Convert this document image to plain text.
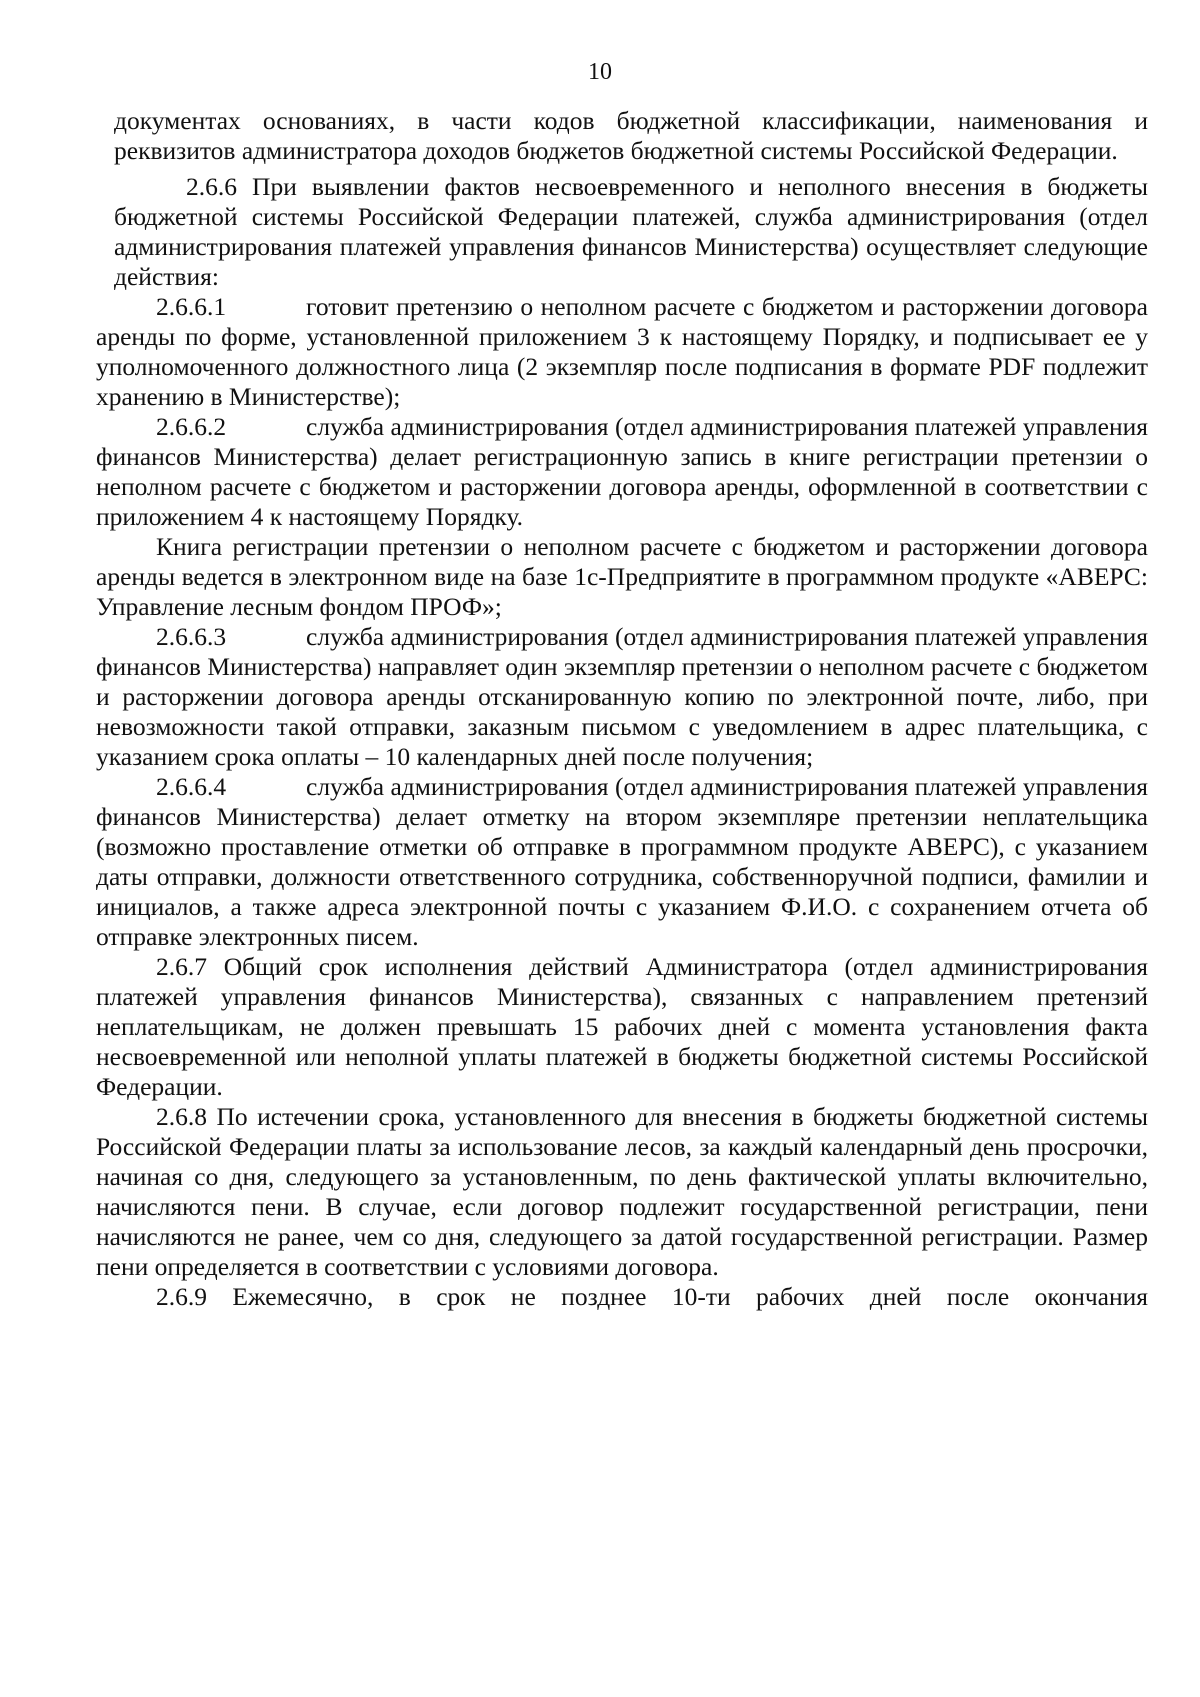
10

документах основаниях, в части кодов бюджетной классификации, наименования и реквизитов администратора доходов бюджетов бюджетной системы Российской Федерации.

2.6.6 При выявлении фактов несвоевременного и неполного внесения в бюджеты бюджетной системы Российской Федерации платежей, служба администрирования (отдел администрирования платежей управления финансов Министерства) осуществляет следующие действия:

2.6.6.1	готовит претензию о неполном расчете с бюджетом и расторжении договора аренды по форме, установленной приложением 3 к настоящему Порядку, и подписывает ее у уполномоченного должностного лица (2 экземпляр после подписания в формате PDF подлежит хранению в Министерстве);

2.6.6.2	служба администрирования (отдел администрирования платежей управления финансов Министерства) делает регистрационную запись в книге регистрации претензии о неполном расчете с бюджетом и расторжении договора аренды, оформленной в соответствии с приложением 4 к настоящему Порядку.

Книга регистрации претензии о неполном расчете с бюджетом и расторжении договора аренды ведется в электронном виде на базе 1с-Предприятите в программном продукте «АВЕРС: Управление лесным фондом ПРОФ»;

2.6.6.3	служба администрирования (отдел администрирования платежей управления финансов Министерства) направляет один экземпляр претензии о неполном расчете с бюджетом и расторжении договора аренды отсканированную копию по электронной почте, либо, при невозможности такой отправки, заказным письмом с уведомлением в адрес плательщика, с указанием срока оплаты – 10 календарных дней после получения;

2.6.6.4	служба администрирования (отдел администрирования платежей управления финансов Министерства) делает отметку на втором экземпляре претензии неплательщика (возможно проставление отметки об отправке в программном продукте АВЕРС), с указанием даты отправки, должности ответственного сотрудника, собственноручной подписи, фамилии и инициалов, а также адреса электронной почты с указанием Ф.И.О. с сохранением отчета об отправке электронных писем.

2.6.7 Общий срок исполнения действий Администратора (отдел администрирования платежей управления финансов Министерства), связанных с направлением претензий неплательщикам, не должен превышать 15 рабочих дней с момента установления факта несвоевременной или неполной уплаты платежей в бюджеты бюджетной системы Российской Федерации.

2.6.8 По истечении срока, установленного для внесения в бюджеты бюджетной системы Российской Федерации платы за использование лесов, за каждый календарный день просрочки, начиная со дня, следующего за установленным, по день фактической уплаты включительно, начисляются пени. В случае, если договор подлежит государственной регистрации, пени начисляются не ранее, чем со дня, следующего за датой государственной регистрации. Размер пени определяется в соответствии с условиями договора.

2.6.9 Ежемесячно, в срок не позднее 10-ти рабочих дней после окончания
